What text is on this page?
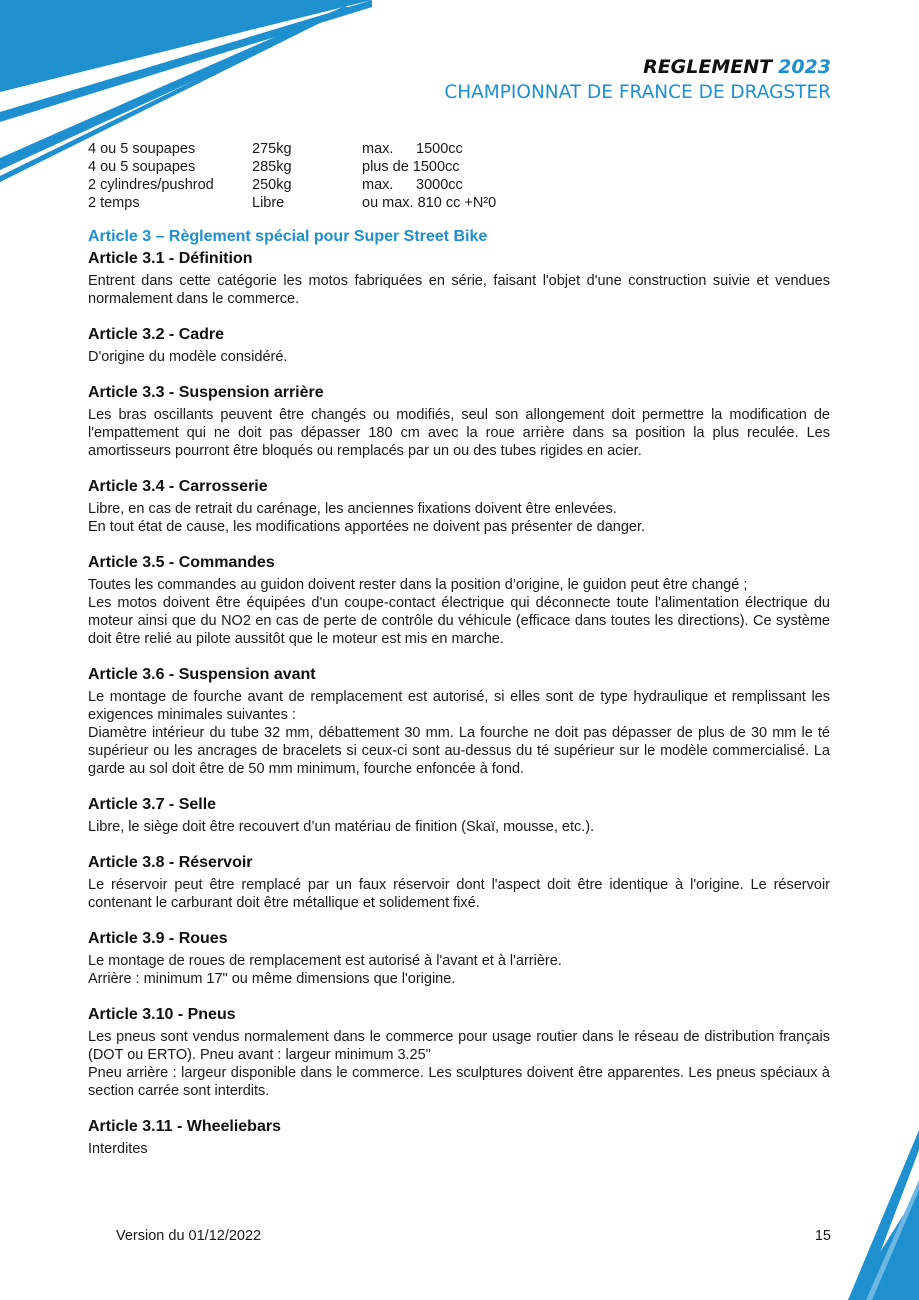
REGLEMENT 2023
CHAMPIONNAT DE FRANCE DE DRAGSTER
4 ou 5 soupapes	275kg	max. 1500cc
4 ou 5 soupapes	285kg	plus de 1500cc
2 cylindres/pushrod	250kg	max. 3000cc
2 temps	Libre	ou max. 810 cc +N²0
Article 3 – Règlement spécial pour Super Street Bike
Article 3.1 - Définition

Entrent dans cette catégorie les motos fabriquées en série, faisant l'objet d'une construction suivie et vendues normalement dans le commerce.

Article 3.2 - Cadre

D'origine du modèle considéré.

Article 3.3 - Suspension arrière

Les bras oscillants peuvent être changés ou modifiés, seul son allongement doit permettre la modification de l'empattement qui ne doit pas dépasser 180 cm avec la roue arrière dans sa position la plus reculée. Les amortisseurs pourront être bloqués ou remplacés par un ou des tubes rigides en acier.

Article 3.4 - Carrosserie

Libre, en cas de retrait du carénage, les anciennes fixations doivent être enlevées.

En tout état de cause, les modifications apportées ne doivent pas présenter de danger.

Article 3.5 - Commandes

Toutes les commandes au guidon doivent rester dans la position d’origine, le guidon peut être changé ;

Les motos doivent être équipées d'un coupe-contact électrique qui déconnecte toute l'alimentation électrique du moteur ainsi que du NO2 en cas de perte de contrôle du véhicule (efficace dans toutes les directions). Ce système doit être relié au pilote aussitôt que le moteur est mis en marche.

Article 3.6 - Suspension avant

Le montage de fourche avant de remplacement est autorisé, si elles sont de type hydraulique et remplissant les exigences minimales suivantes :

Diamètre intérieur du tube 32 mm, débattement 30 mm. La fourche ne doit pas dépasser de plus de 30 mm le té supérieur ou les ancrages de bracelets si ceux-ci sont au-dessus du té supérieur sur le modèle commercialisé. La garde au sol doit être de 50 mm minimum, fourche enfoncée à fond.

Article 3.7 - Selle

Libre, le siège doit être recouvert d’un matériau de finition (Skaï, mousse, etc.).

Article 3.8 - Réservoir

Le réservoir peut être remplacé par un faux réservoir dont l'aspect doit être identique à l'origine. Le réservoir contenant le carburant doit être métallique et solidement fixé.

Article 3.9 - Roues

Le montage de roues de remplacement est autorisé à l'avant et à l'arrière.

Arrière : minimum 17" ou même dimensions que l'origine.

Article 3.10 - Pneus

Les pneus sont vendus normalement dans le commerce pour usage routier dans le réseau de distribution français (DOT ou ERTO). Pneu avant : largeur minimum 3.25"

Pneu arrière : largeur disponible dans le commerce. Les sculptures doivent être apparentes. Les pneus spéciaux à section carrée sont interdits.

Article 3.11 - Wheeliebars

Interdites

Version du 01/12/2022	15
